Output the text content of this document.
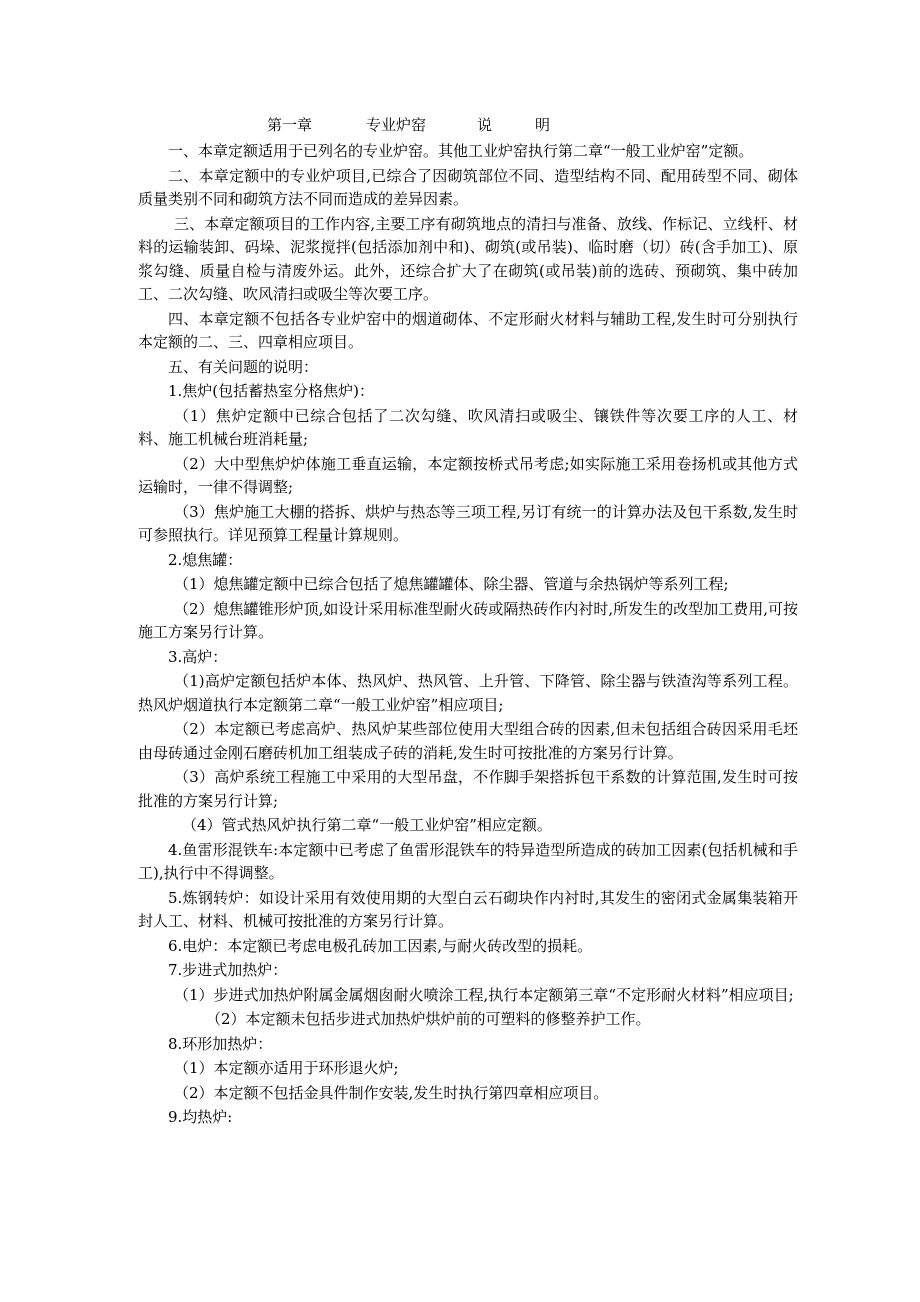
第一章	专业炉窑	说	明

一、本章定额适用于已列名的专业炉窑。其他工业炉窑执行第二章“一般工业炉窑”定额。

二、本章定额中的专业炉项目,已综合了因砌筑部位不同、造型结构不同、配用砖型不同、砌体质量类别不同和砌筑方法不同而造成的差异因素。

三、本章定额项目的工作内容,主要工序有砌筑地点的清扫与准备、放线、作标记、立线杆、材料的运输装卸、码垛、泥浆搅拌(包括添加剂中和)、砌筑(或吊装)、临时磨（切）砖(含手加工)、原浆勾缝、质量自检与清废外运。此外，还综合扩大了在砌筑(或吊装)前的选砖、预砌筑、集中砖加工、二次勾缝、吹风清扫或吸尘等次要工序。

四、本章定额不包括各专业炉窑中的烟道砌体、不定形耐火材料与辅助工程,发生时可分别执行本定额的二、三、四章相应项目。

五、有关问题的说明：

1.焦炉(包括蓄热室分格焦炉)：

（1）焦炉定额中已综合包括了二次勾缝、吹风清扫或吸尘、镶铁件等次要工序的人工、材料、施工机械台班消耗量;

（2）大中型焦炉炉体施工垂直运输，本定额按桥式吊考虑;如实际施工采用卷扬机或其他方式运输时，一律不得调整;

（3）焦炉施工大棚的搭拆、烘炉与热态等三项工程,另订有统一的计算办法及包干系数,发生时可参照执行。详见预算工程量计算规则。

2.熄焦罐：

（1）熄焦罐定额中已综合包括了熄焦罐罐体、除尘器、管道与余热锅炉等系列工程;

（2）熄焦罐锥形炉顶,如设计采用标准型耐火砖或隔热砖作内衬时,所发生的改型加工费用,可按施工方案另行计算。

3.高炉：

（1)高炉定额包括炉本体、热风炉、热风管、上升管、下降管、除尘器与铁渣沟等系列工程。热风炉烟道执行本定额第二章“一般工业炉窑”相应项目;

（2）本定额已考虑高炉、热风炉某些部位使用大型组合砖的因素,但未包括组合砖因采用毛坯由母砖通过金刚石磨砖机加工组装成子砖的消耗,发生时可按批准的方案另行计算。

（3）高炉系统工程施工中采用的大型吊盘，不作脚手架搭拆包干系数的计算范围,发生时可按批准的方案另行计算;

（4）管式热风炉执行第二章“一般工业炉窑”相应定额。

4.鱼雷形混铁车:本定额中已考虑了鱼雷形混铁车的特异造型所造成的砖加工因素(包括机械和手工),执行中不得调整。

5.炼钢转炉：如设计采用有效使用期的大型白云石砌块作内衬时,其发生的密闭式金属集装箱开封人工、材料、机械可按批准的方案另行计算。

6.电炉：本定额已考虑电极孔砖加工因素,与耐火砖改型的损耗。

7.步进式加热炉：

（1）步进式加热炉附属金属烟囱耐火喷涂工程,执行本定额第三章“不定形耐火材料”相应项目;

（2）本定额未包括步进式加热炉烘炉前的可塑料的修整养护工作。

8.环形加热炉：

（1）本定额亦适用于环形退火炉;

（2）本定额不包括金具件制作安装,发生时执行第四章相应项目。

9.均热炉:
